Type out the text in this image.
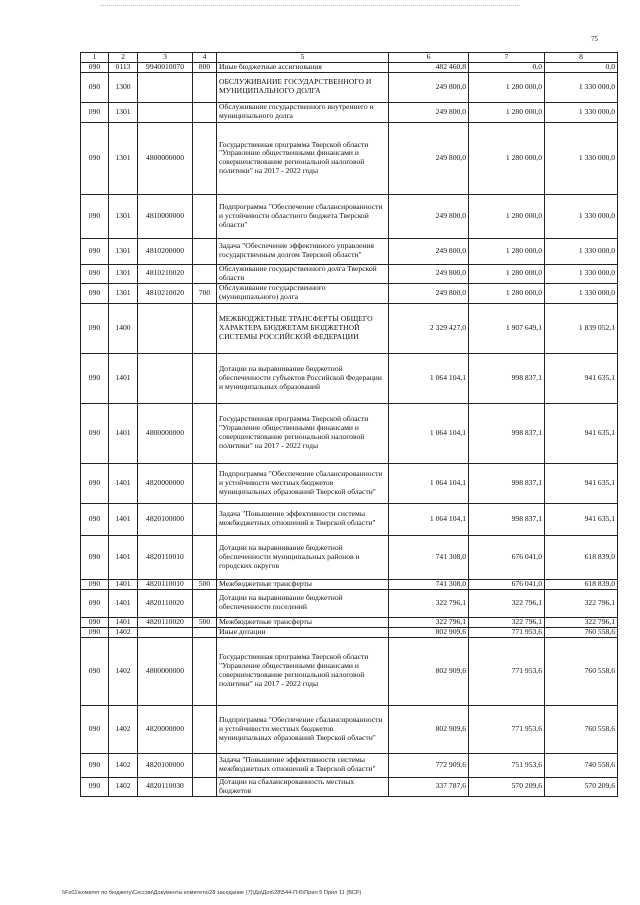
75
1	2	3	4	5	6	7	8
090	0113	9940010070	800	Иные бюджетные ассигнования	482 460,8	0,0	0,0
090	1300			ОБСЛУЖИВАНИЕ ГОСУДАРСТВЕННОГО И МУНИЦИПАЛЬНОГО ДОЛГА	249 800,0	1 280 000,0	1 330 000,0
090	1301			Обслуживание государственного внутреннего и муниципального долга	249 800,0	1 280 000,0	1 330 000,0
090	1301	4800000000		Государственная программа Тверской области "Управление общественными финансами и совершенствование региональной налоговой политики" на 2017 - 2022 годы	249 800,0	1 280 000,0	1 330 000,0
090	1301	4810000000		Подпрограмма "Обеспечение сбалансированности и устойчивости областного бюджета Тверской области"	249 800,0	1 280 000,0	1 330 000,0
090	1301	4810200000		Задача "Обеспечение эффективного управления государственным долгом Тверской области"	249 800,0	1 280 000,0	1 330 000,0
090	1301	4810210020		Обслуживание государственного долга Тверской области	249 800,0	1 280 000,0	1 330 000,0
090	1301	4810210020	700	Обслуживание государственного (муниципального) долга	249 800,0	1 280 000,0	1 330 000,0
090	1400			МЕЖБЮДЖЕТНЫЕ ТРАНСФЕРТЫ ОБЩЕГО ХАРАКТЕРА БЮДЖЕТАМ БЮДЖЕТНОЙ СИСТЕМЫ РОССИЙСКОЙ ФЕДЕРАЦИИ	2 329 427,0	1 907 649,1	1 839 052,1
090	1401			Дотации на выравнивание бюджетной обеспеченности субъектов Российской Федерации и муниципальных образований	1 064 104,1	998 837,1	941 635,1
090	1401	4800000000		Государственная программа Тверской области "Управление общественными финансами и совершенствование региональной налоговой политики" на 2017 - 2022 годы	1 064 104,1	998 837,1	941 635,1
090	1401	4820000000		Подпрограмма "Обеспечение сбалансированности и устойчивости местных бюджетов муниципальных образований Тверской области"	1 064 104,1	998 837,1	941 635,1
090	1401	4820100000		Задача "Повышение эффективности системы межбюджетных отношений в Тверской области"	1 064 104,1	998 837,1	941 635,1
090	1401	4820110010		Дотации на выравнивание бюджетной обеспеченности муниципальных районов и городских округов	741 308,0	676 041,0	618 839,0
090	1401	4820110010	500	Межбюджетные трансферты	741 308,0	676 041,0	618 839,0
090	1401	4820110020		Дотации на выравнивание бюджетной обеспеченности поселений	322 796,1	322 796,1	322 796,1
090	1401	4820110020	500	Межбюджетные трансферты	322 796,1	322 796,1	322 796,1
090	1402			Иные дотации	802 909,6	771 953,6	760 558,6
090	1402	4800000000		Государственная программа Тверской области "Управление общественными финансами и совершенствование региональной налоговой политики" на 2017 - 2022 годы	802 909,6	771 953,6	760 558,6
090	1402	4820000000		Подпрограмма "Обеспечение сбалансированности и устойчивости местных бюджетов муниципальных образований Тверской области"	802 909,6	771 953,6	760 558,6
090	1402	4820100000		Задача "Повышение эффективности системы межбюджетных отношений в Тверской области"	772 909,6	751 953,6	740 558,6
090	1402	4820110030		Дотации на сбалансированность местных бюджетов	337 787,6	570 209,6	570 209,6
\\Fs01\комитет по бюджету\Сессии\Документы комитета\28 заседание (7)\Да\Доп\28\544-П-Б\Прил 5 Прил 11 (ВСР)
